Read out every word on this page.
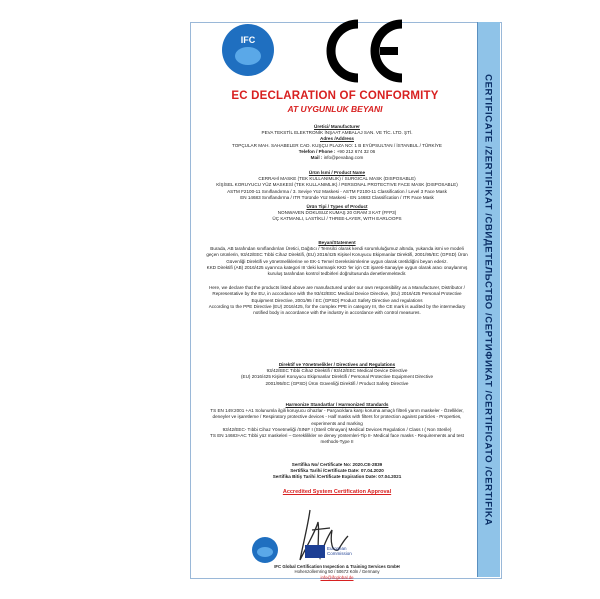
CERTIFICATE /ZERTIFIKAT /CBИДЕТЕЛЬСТВО /СЕРТИФИКАТ /CERTIFICATO /CERTIFIKA
IFC
EC DECLARATION OF CONFORMITY
AT UYGUNLUK BEYANI
Üretici/ Manufacturer
PEVA TEKSTİL ELEKTRONİK İNŞAAT AMBALAJ SAN. VE TİC. LTD. ŞTİ.
Adres /Address
TOPÇULAR MAH. SAHABELER CAD. KUŞÇU PLAZA NO: 1 B EYÜPSULTAN / İSTANBUL / TÜRKİYE
Telefon / Phone : +90 212 674 32 06
Mail : info@pevabag.com
Ürün İsmi / Product Name
CERRAHİ MASKE (TEK KULLANIMLIK) / SURGICAL MASK (DISPOSABLE)
KİŞİSEL KORUYUCU YÜZ MASKESİ (TEK KULLANIMLIK) / PERSONAL PROTECTIVE FACE MASK (DISPOSABLE)
ASTM F2100-11 Sınıflandırma / 3. Seviye Yüz Maskesi - ASTM F2100-11 Classification / Level 3 Face Mask
EN 14683 Sınıflandırma / ITR Türünde Yüz Maskesi - EN 14683 Classification / ITR Face Mask
Ürün Tipi / Types of Product
NONWAVEN DOKUSUZ KUMAŞ 20 GRAM 3 KAT (FFP3)
ÜÇ KATMANLI, LASTİKLİ / THREE-LAYER, WITH EARLOOPS
Beyan/Statement
Burada, AB tarafından sınıflandırılan Üretici, Dağıtıcı / Temsilci olarak kendi sorumluluğumuz altında, yukarıda ismi ve modeli
geçen ürünlerin, 93/42/EEC Tıbbi Cihaz Direktifi, (EU) 2016/425 Kişisel Koruyucu Ekipmanlar Direktifi, 2001/95/EC (GPSD) Ürün
Güvenliği Direktifi ve yönetmeliklerine ve EK-1 Temel Gereksinimlerine uygun olarak üretildiğini beyan ederiz.
KKD Direktifi (AB) 2016/425 uyarınca kategori III 'deki karmaşık KKD 'ler için CE işareti-Sanayiye uygun olarak aracı onaylanmış
kuruluş tarafından kontrol tedbirleri doğrultusunda denetlenmektedir.
Here, we declare that the products listed above are manufactured under our own responsibility as a Manufacturer, Distributor /
Representative by the EU, in accordance with the 93/42/EEC Medical Device Directive, (EU) 2016/425 Personal Protective
Equipment Directive, 2001/95 / EC (GPSD) Product Safety Directive and regulations
According to the PPE Directive (EU) 2016/425, for the complex PPE in category III, the CE mark is audited by the intermediary
notified body in accordance with the industry in accordance with control measures.
Direktif ve Yönetmelikler / Directives and Regulations
93/42/EEC Tıbbi Cihaz Direktifi / 93/42/EEC Medical Device Directive
(EU) 2016/425 Kişisel Koruyucu Ekipmanlar Direktifi / Personal Protective Equipment Directive
2001/95/EC (GPSD) Ürün Güvenliği Direktifi / Product Safety Directive
Harmonize Standartlar / Harmonized Standards
TS EN 149:2001 +A1 Solunumla ilgili koruyucu cihazlar - Parçacıklara karşı koruma amaçlı filtreli yarım maskeler - Özellikler,
deneyler ve işaretleme / Respiratory protective devices - Half masks with filters for protection against particles - Properties,
experiments and marking
93/42/EEC- Tıbbi Cihaz Yönetmeliği /SINIF I (Steril Olmayan) Medical Devices Regulation / Class I ( Non Sterile)
TS EN 14683+AC Tıbbi yüz maskeleri – Gereklilikler ve deney yöntemleri-Tip II- Medical face masks - Requirements and test
methods-Type II
Sertifika No/ Certificate No: 2020.CE-2839
Sertifika Tarihi /Certificate Date: 07.04.2020
Sertifika Bitiş Tarihi /Certificate Expiration Date: 07.04.2021
Accredited System Certification Approval
European
Commission
IFC Global Certification Inspection & Training Services GmbH
Hohenzollernring 50 / 50672 Köln / Germany
info@ifcglobal.de
